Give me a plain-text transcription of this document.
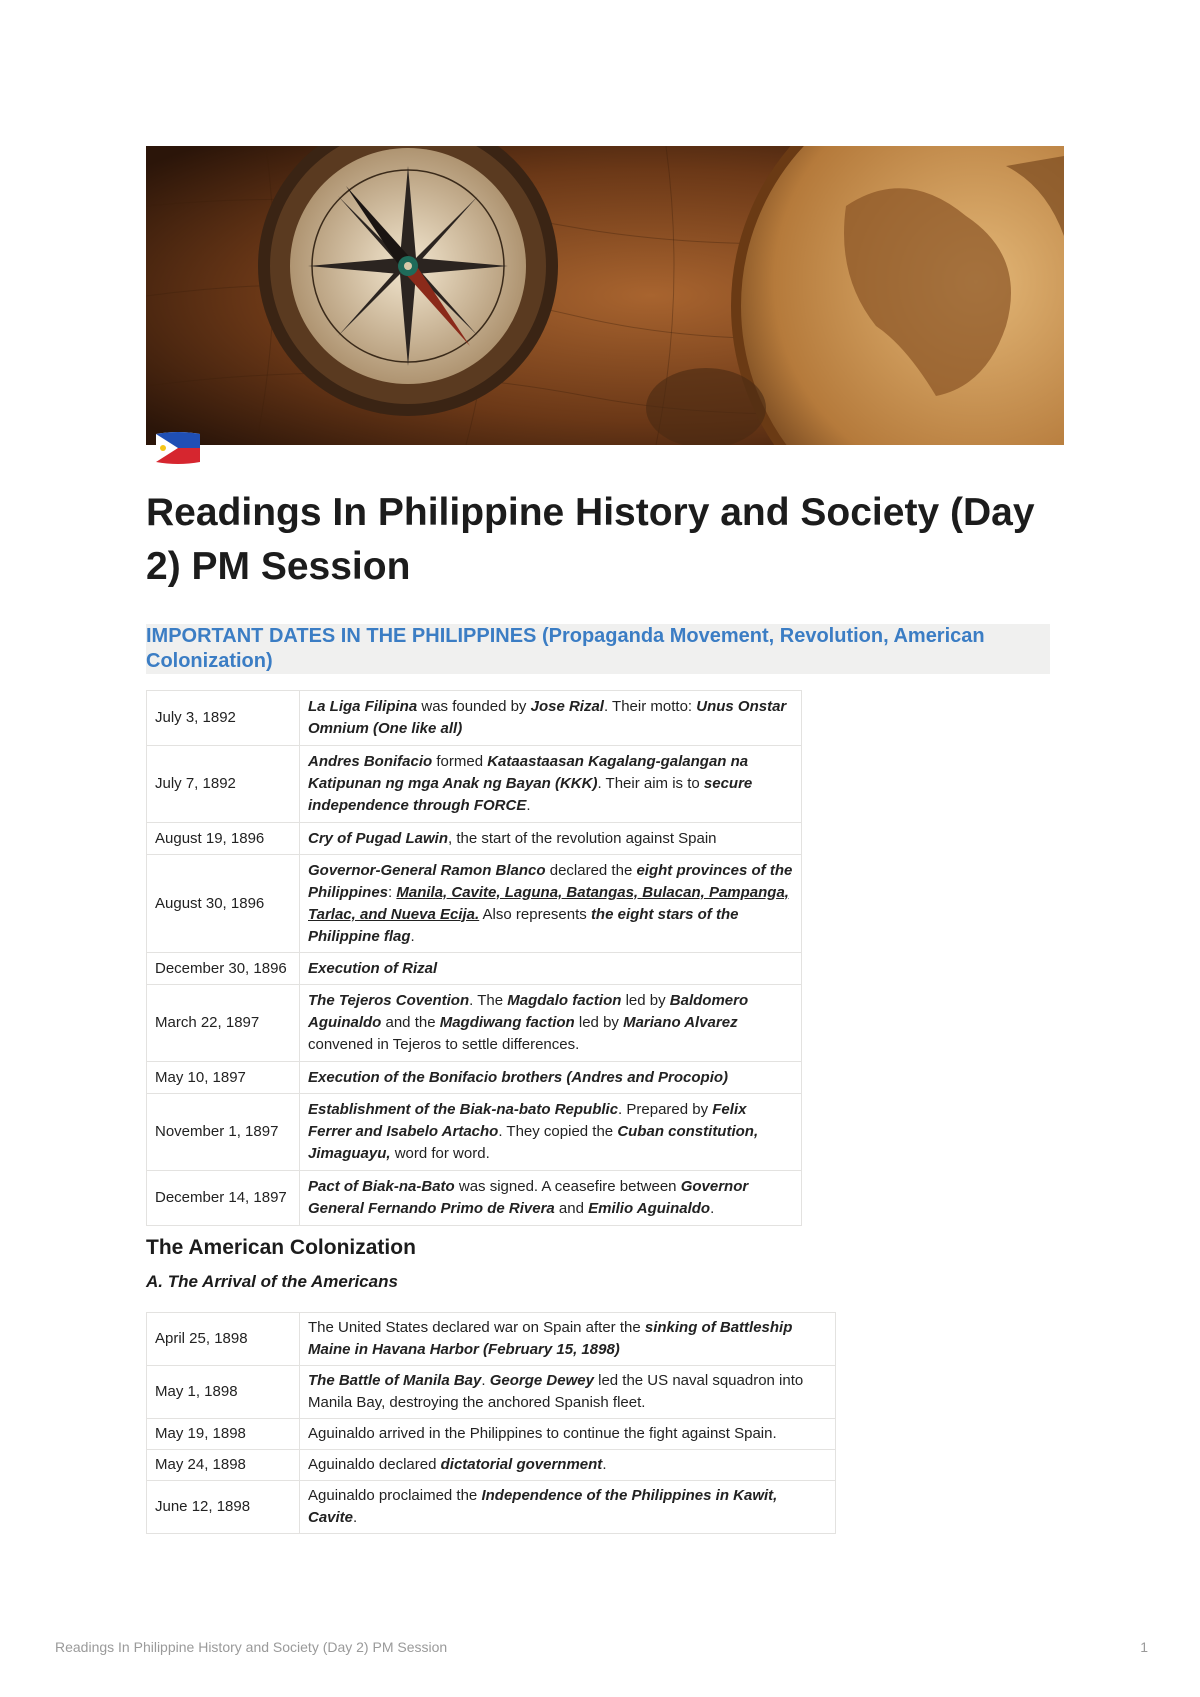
Readings In Philippine History and Society (Day 2) PM Session
IMPORTANT DATES IN THE PHILIPPINES (Propaganda Movement, Revolution, American
Colonization)
July 3, 1892	La Liga Filipina was founded by Jose Rizal. Their motto: Unus Onstar Omnium (One like all)
July 7, 1892	Andres Bonifacio formed Kataastaasan Kagalang-galangan na Katipunan ng mga Anak ng Bayan (KKK). Their aim is to secure independence through FORCE.
August 19, 1896	Cry of Pugad Lawin, the start of the revolution against Spain
August 30, 1896	Governor-General Ramon Blanco declared the eight provinces of the Philippines: Manila, Cavite, Laguna, Batangas, Bulacan, Pampanga, Tarlac, and Nueva Ecija. Also represents the eight stars of the Philippine flag.
December 30, 1896	Execution of Rizal
March 22, 1897	The Tejeros Covention. The Magdalo faction led by Baldomero Aguinaldo and the Magdiwang faction led by Mariano Alvarez convened in Tejeros to settle differences.
May 10, 1897	Execution of the Bonifacio brothers (Andres and Procopio)
November 1, 1897	Establishment of the Biak-na-bato Republic. Prepared by Felix Ferrer and Isabelo Artacho. They copied the Cuban constitution, Jimaguayu, word for word.
December 14, 1897	Pact of Biak-na-Bato was signed. A ceasefire between Governor General Fernando Primo de Rivera and Emilio Aguinaldo.
The American Colonization
A. The Arrival of the Americans
April 25, 1898	The United States declared war on Spain after the sinking of Battleship Maine in Havana Harbor (February 15, 1898)
May 1, 1898	The Battle of Manila Bay. George Dewey led the US naval squadron into Manila Bay, destroying the anchored Spanish fleet.
May 19, 1898	Aguinaldo arrived in the Philippines to continue the fight against Spain.
May 24, 1898	Aguinaldo declared dictatorial government.
June 12, 1898	Aguinaldo proclaimed the Independence of the Philippines in Kawit, Cavite.
Readings In Philippine History and Society (Day 2) PM Session	1
